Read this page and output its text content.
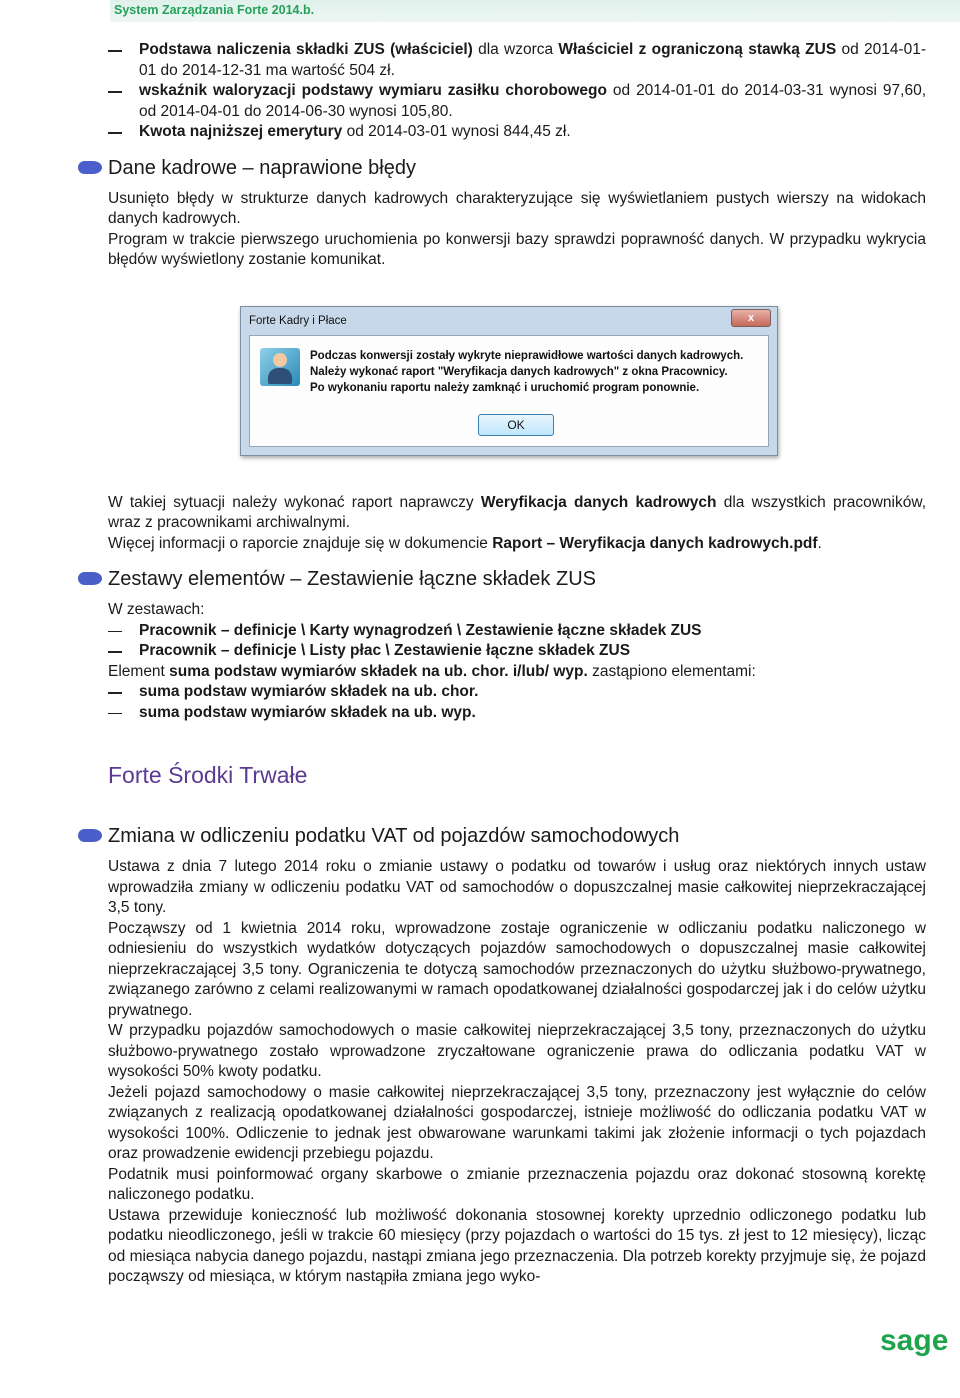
System Zarządzania Forte 2014.b.

Podstawa naliczenia składki ZUS (właściciel) dla wzorca Właściciel z ograniczoną stawką ZUS od 2014-01-01 do 2014-12-31 ma wartość 504 zł.

wskaźnik waloryzacji podstawy wymiaru zasiłku chorobowego od 2014-01-01 do 2014-03-31 wynosi 97,60, od 2014-04-01 do 2014-06-30 wynosi 105,80.

Kwota najniższej emerytury od 2014-03-01 wynosi 844,45 zł.

Dane kadrowe – naprawione błędy

Usunięto błędy w strukturze danych kadrowych charakteryzujące się wyświetlaniem pustych wierszy na widokach danych kadrowych.

Program w trakcie pierwszego uruchomienia po konwersji bazy sprawdzi poprawność danych. W przypadku wykrycia błędów wyświetlony zostanie komunikat.

W takiej sytuacji należy wykonać raport naprawczy Weryfikacja danych kadrowych dla wszystkich pracowników, wraz z pracownikami archiwalnymi.

Więcej informacji o raporcie znajduje się w dokumencie Raport – Weryfikacja danych kadrowych.pdf.

Zestawy elementów – Zestawienie łączne składek ZUS

W zestawach:

Pracownik – definicje \ Karty wynagrodzeń \ Zestawienie łączne składek ZUS

Pracownik – definicje \ Listy płac \ Zestawienie łączne składek ZUS

Element suma podstaw wymiarów składek na ub. chor. i/lub/ wyp. zastąpiono elementami:

suma podstaw wymiarów składek na ub. chor.

suma podstaw wymiarów składek na ub. wyp.

Forte Środki Trwałe
Zmiana w odliczeniu podatku VAT od pojazdów samochodowych

Ustawa z dnia 7 lutego 2014 roku o zmianie ustawy o podatku od towarów i usług oraz niektórych innych ustaw wprowadziła zmiany w odliczeniu podatku VAT od samochodów o dopuszczalnej masie całkowitej nieprzekraczającej 3,5 tony.

Począwszy od 1 kwietnia 2014 roku, wprowadzone zostaje ograniczenie w odliczaniu podatku naliczonego w odniesieniu do wszystkich wydatków dotyczących pojazdów samochodowych o dopuszczalnej masie całkowitej nieprzekraczającej 3,5 tony. Ograniczenia te dotyczą samochodów przeznaczonych do użytku służbowo-prywatnego, związanego zarówno z celami realizowanymi w ramach opodatkowanej działalności gospodarczej jak i do celów użytku prywatnego.

W przypadku pojazdów samochodowych o masie całkowitej nieprzekraczającej 3,5 tony, przeznaczonych do użytku służbowo-prywatnego zostało wprowadzone zryczałtowane ograniczenie prawa do odliczania podatku VAT w wysokości 50% kwoty podatku.

Jeżeli pojazd samochodowy o masie całkowitej nieprzekraczającej 3,5 tony, przeznaczony jest wyłącznie do celów związanych z realizacją opodatkowanej działalności gospodarczej, istnieje możliwość do odliczania podatku VAT w wysokości 100%. Odliczenie to jednak jest obwarowane warunkami takimi jak złożenie informacji o tych pojazdach oraz prowadzenie ewidencji przebiegu pojazdu.

Podatnik musi poinformować organy skarbowe o zmianie przeznaczenia pojazdu oraz dokonać stosowną korektę naliczonego podatku.

Ustawa przewiduje konieczność lub możliwość dokonania stosownej korekty uprzednio odliczonego podatku lub podatku nieodliczonego, jeśli w trakcie 60 miesięcy (przy pojazdach o wartości do 15 tys. zł jest to 12 miesięcy), licząc od miesiąca nabycia danego pojazdu, nastąpi zmiana jego przeznaczenia. Dla potrzeb korekty przyjmuje się, że pojazd począwszy od miesiąca, w którym nastąpiła zmiana jego wyko-

Forte Kadry i Płace	x
Podczas konwersji zostały wykryte nieprawidłowe wartości danych kadrowych.
Należy wykonać raport "Weryfikacja danych kadrowych" z okna Pracownicy.
Po wykonaniu raportu należy zamknąć i uruchomić program ponownie.
OK
sage
